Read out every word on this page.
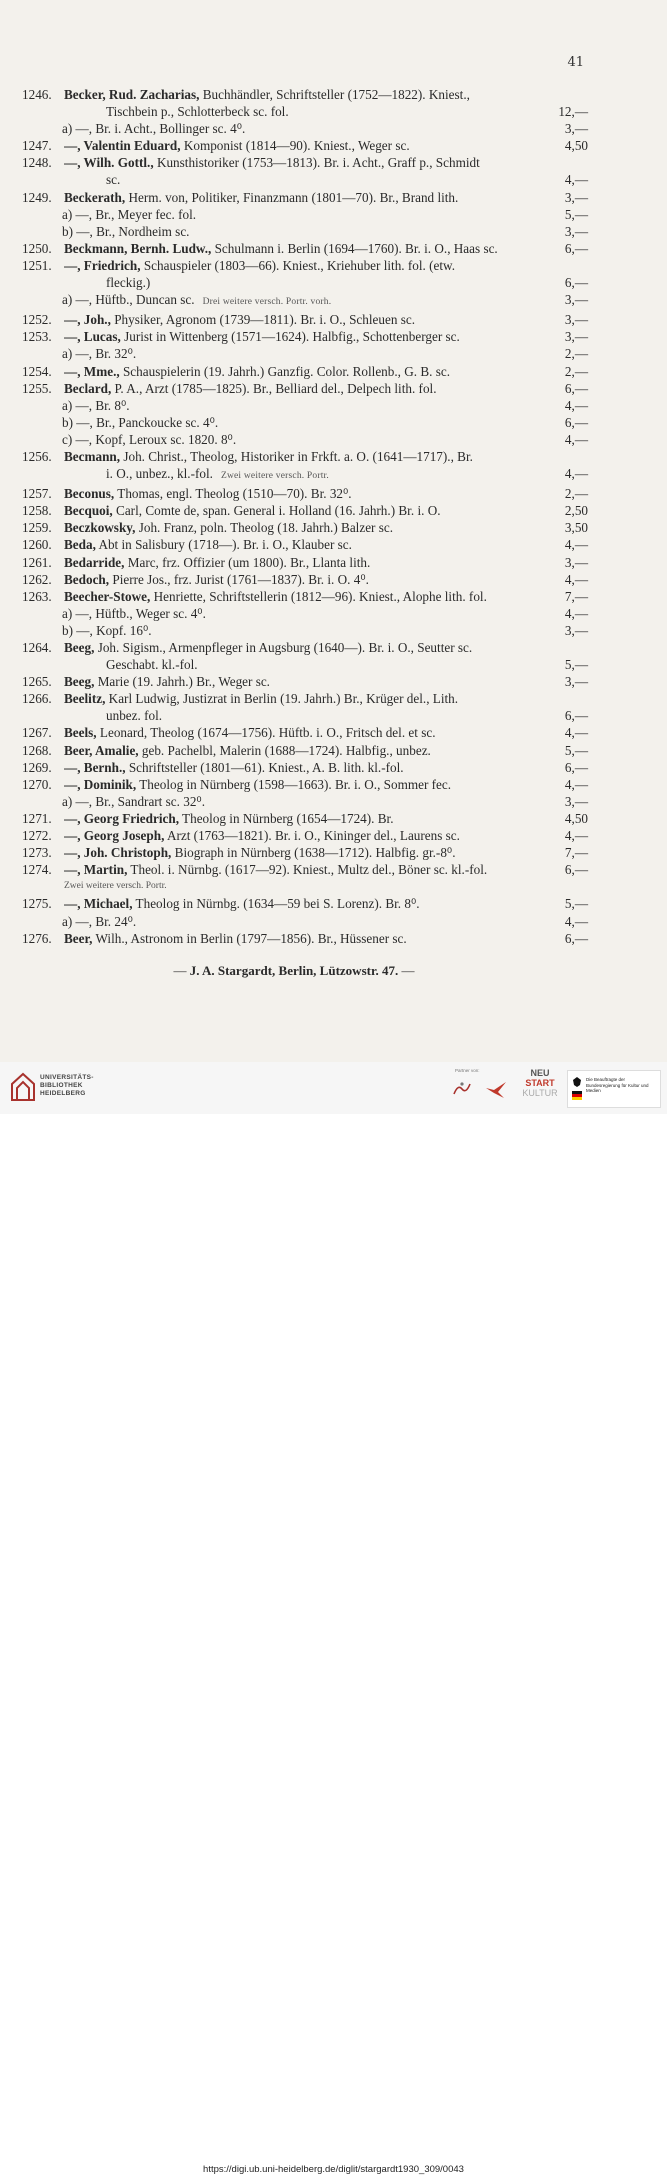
41
1246. Becker, Rud. Zacharias, Buchhändler, Schriftsteller (1752—1822). Kniest.,
Tischbein p., Schlotterbeck sc. fol.	12,—
a) —, Br. i. Acht., Bollinger sc. 4⁰.	3,—
1247. —, Valentin Eduard, Komponist (1814—90). Kniest., Weger sc.	4,50
1248. —, Wilh. Gottl., Kunsthistoriker (1753—1813). Br. i. Acht., Graff p., Schmidt
sc.	4,—
1249. Beckerath, Herm. von, Politiker, Finanzmann (1801—70). Br., Brand lith.	3,—
a) —, Br., Meyer fec. fol.	5,—
b) —, Br., Nordheim sc.	3,—
1250. Beckmann, Bernh. Ludw., Schulmann i. Berlin (1694—1760). Br. i. O., Haas sc.	6,—
1251. —, Friedrich, Schauspieler (1803—66). Kniest., Kriehuber lith. fol. (etw.
fleckig.)	6,—
a) —, Hüftb., Duncan sc. Drei weitere versch. Portr. vorh.	3,—
1252. —, Joh., Physiker, Agronom (1739—1811). Br. i. O., Schleuen sc.	3,—
1253. —, Lucas, Jurist in Wittenberg (1571—1624). Halbfig., Schottenberger sc.	3,—
a) —, Br. 32⁰.	2,—
1254. —, Mme., Schauspielerin (19. Jahrh.) Ganzfig. Color. Rollenb., G. B. sc.	2,—
1255. Beclard, P. A., Arzt (1785—1825). Br., Belliard del., Delpech lith. fol.	6,—
a) —, Br. 8⁰.	4,—
b) —, Br., Panckoucke sc. 4⁰.	6,—
c) —, Kopf, Leroux sc. 1820. 8⁰.	4,—
1256. Becmann, Joh. Christ., Theolog, Historiker in Frkft. a. O. (1641—1717)., Br.
i. O., unbez., kl.-fol. Zwei weitere versch. Portr.	4,—
1257. Beconus, Thomas, engl. Theolog (1510—70). Br. 32⁰.	2,—
1258. Becquoi, Carl, Comte de, span. General i. Holland (16. Jahrh.) Br. i. O.	2,50
1259. Beczkowsky, Joh. Franz, poln. Theolog (18. Jahrh.) Balzer sc.	3,50
1260. Beda, Abt in Salisbury (1718—). Br. i. O., Klauber sc.	4,—
1261. Bedarride, Marc, frz. Offizier (um 1800). Br., Llanta lith.	3,—
1262. Bedoch, Pierre Jos., frz. Jurist (1761—1837). Br. i. O. 4⁰.	4,—
1263. Beecher-Stowe, Henriette, Schriftstellerin (1812—96). Kniest., Alophe lith. fol.	7,—
a) —, Hüftb., Weger sc. 4⁰.	4,—
b) —, Kopf. 16⁰.	3,—
1264. Beeg, Joh. Sigism., Armenpfleger in Augsburg (1640—). Br. i. O., Seutter sc.
Geschabt. kl.-fol.	5,—
1265. Beeg, Marie (19. Jahrh.) Br., Weger sc.	3,—
1266. Beelitz, Karl Ludwig, Justizrat in Berlin (19. Jahrh.) Br., Krüger del., Lith.
unbez. fol.	6,—
1267. Beels, Leonard, Theolog (1674—1756). Hüftb. i. O., Fritsch del. et sc.	4,—
1268. Beer, Amalie, geb. Pachelbl, Malerin (1688—1724). Halbfig., unbez.	5,—
1269. —, Bernh., Schriftsteller (1801—61). Kniest., A. B. lith. kl.-fol.	6,—
1270. —, Dominik, Theolog in Nürnberg (1598—1663). Br. i. O., Sommer fec.	4,—
a) —, Br., Sandrart sc. 32⁰.	3,—
1271. —, Georg Friedrich, Theolog in Nürnberg (1654—1724). Br.	4,50
1272. —, Georg Joseph, Arzt (1763—1821). Br. i. O., Kininger del., Laurens sc.	4,—
1273. —, Joh. Christoph, Biograph in Nürnberg (1638—1712). Halbfig. gr.-8⁰.	7,—
1274. —, Martin, Theol. i. Nürnbg. (1617—92). Kniest., Multz del., Böner sc. kl.-fol.	6,—
Zwei weitere versch. Portr.
1275. —, Michael, Theolog in Nürnbg. (1634—59 bei S. Lorenz). Br. 8⁰.	5,—
a) —, Br. 24⁰.	4,—
1276. Beer, Wilh., Astronom in Berlin (1797—1856). Br., Hüssener sc.	6,—
— J. A. Stargardt, Berlin, Lützowstr. 47. —
UNIVERSITÄTS-
BIBLIOTHEK
HEIDELBERG
Partner von:	NEU
START
KULTUR
Die Beauftragte der Bundesregierung für Kultur und Medien
https://digi.ub.uni-heidelberg.de/diglit/stargardt1930_309/0043
